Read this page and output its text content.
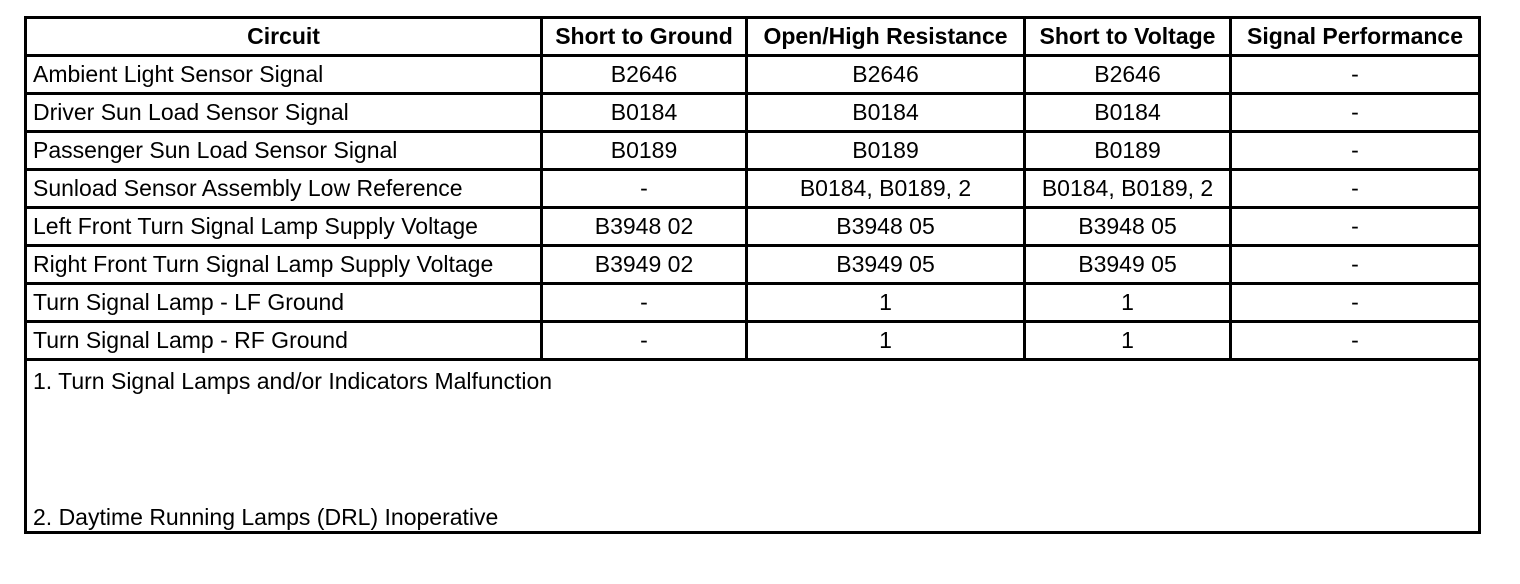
Circuit	Short to Ground	Open/High Resistance	Short to Voltage	Signal Performance
Ambient Light Sensor Signal	B2646	B2646	B2646	-
Driver Sun Load Sensor Signal	B0184	B0184	B0184	-
Passenger Sun Load Sensor Signal	B0189	B0189	B0189	-
Sunload Sensor Assembly Low Reference	-	B0184, B0189, 2	B0184, B0189, 2	-
Left Front Turn Signal Lamp Supply Voltage	B3948 02	B3948 05	B3948 05	-
Right Front Turn Signal Lamp Supply Voltage	B3949 02	B3949 05	B3949 05	-
Turn Signal Lamp - LF Ground	-	1	1	-
Turn Signal Lamp - RF Ground	-	1	1	-

1. Turn Signal Lamps and/or Indicators Malfunction
2. Daytime Running Lamps (DRL) Inoperative				
